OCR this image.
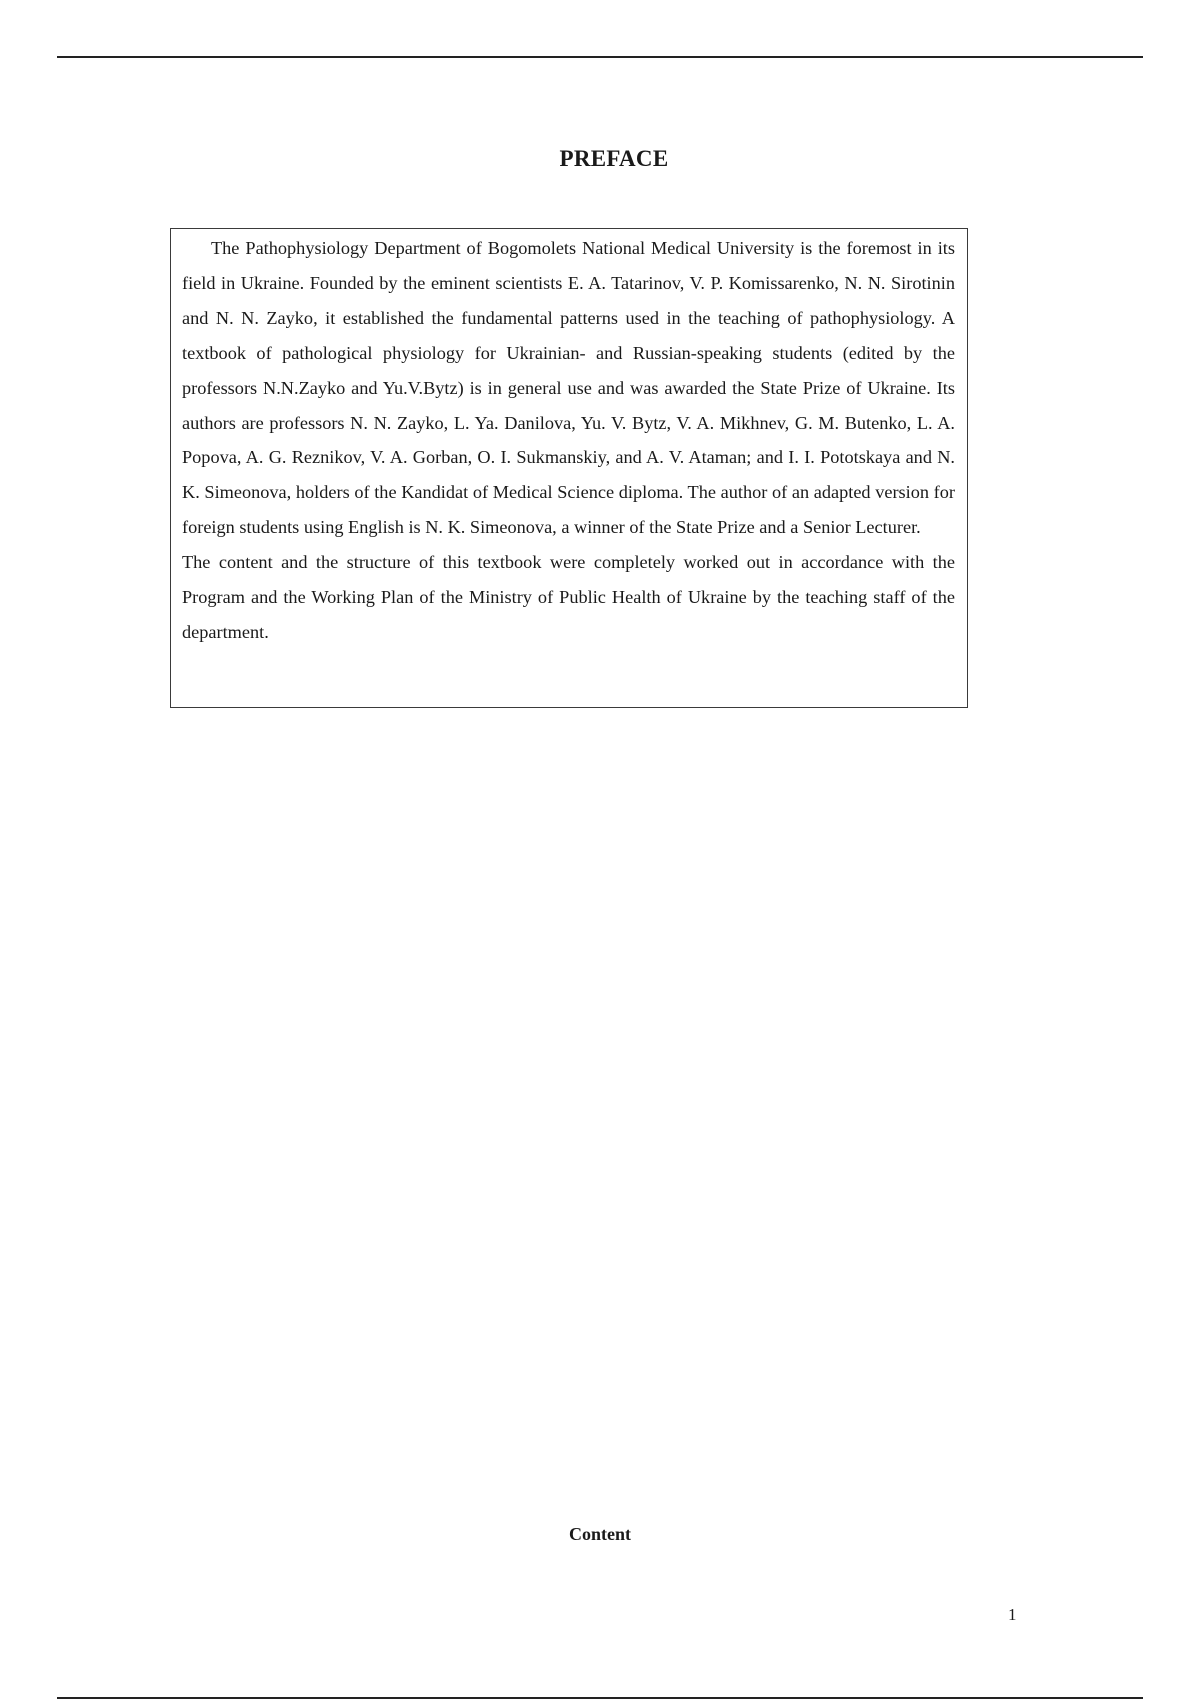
PREFACE

The Pathophysiology Department of Bogomolets National Medical University is the foremost in its field in Ukraine. Founded by the eminent scientists E. A. Tatarinov, V. P. Komissarenko, N. N. Sirotinin and N. N. Zayko, it established the fundamental patterns used in the teaching of pathophysiology. A textbook of pathological physiology for Ukrainian- and Russian-speaking students (edited by the professors N.N.Zayko and Yu.V.Bytz) is in general use and was awarded the State Prize of Ukraine. Its authors are professors N. N. Zayko, L. Ya. Danilova, Yu. V. Bytz, V. A. Mikhnev, G. M. Butenko, L. A. Popova, A. G. Reznikov, V. A. Gorban, O. I. Sukmanskiy, and A. V. Ataman; and I. I. Pototskaya and N. K. Simeonova, holders of the Kandidat of Medical Science diploma. The author of an adapted version for foreign students using English is N. K. Simeonova, a winner of the State Prize and a Senior Lecturer.

The content and the structure of this textbook were completely worked out in accordance with the Program and the Working Plan of the Ministry of Public Health of Ukraine by the teaching staff of the department.

Content
1
